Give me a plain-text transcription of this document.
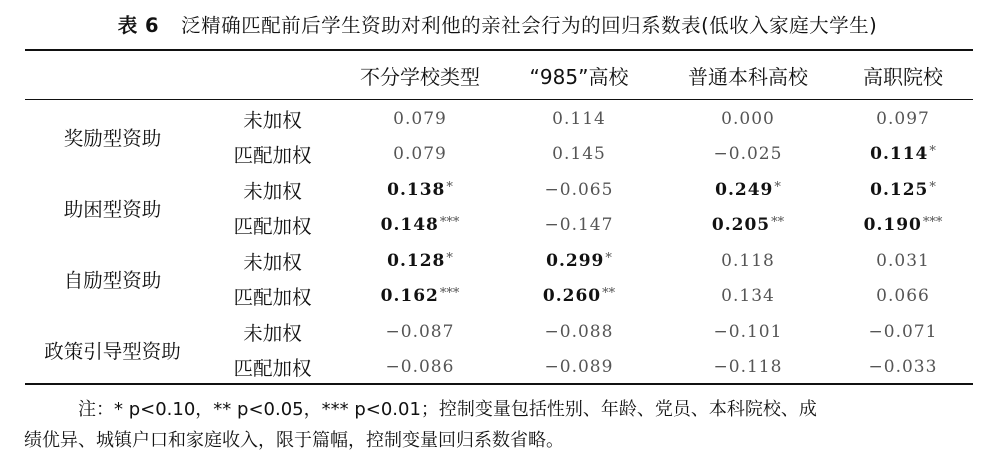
表 6 泛精确匹配前后学生资助对利他的亲社会行为的回归系数表(低收入家庭大学生)
		不分学校类型	“985”高校	普通本科高校	高职院校
奖励型资助	未加权	0.079	0.114	0.000	0.097
	匹配加权	0.079	0.145	−0.025	0.114*
助困型资助	未加权	0.138*	−0.065	0.249*	0.125*
	匹配加权	0.148***	−0.147	0.205**	0.190***
自励型资助	未加权	0.128*	0.299*	0.118	0.031
	匹配加权	0.162***	0.260**	0.134	0.066
政策引导型资助	未加权	−0.087	−0.088	−0.101	−0.071
	匹配加权	−0.086	−0.089	−0.118	−0.033

注：* p<0.10，** p<0.05，*** p<0.01；控制变量包括性别、年龄、党员、本科院校、成

绩优异、城镇户口和家庭收入，限于篇幅，控制变量回归系数省略。
